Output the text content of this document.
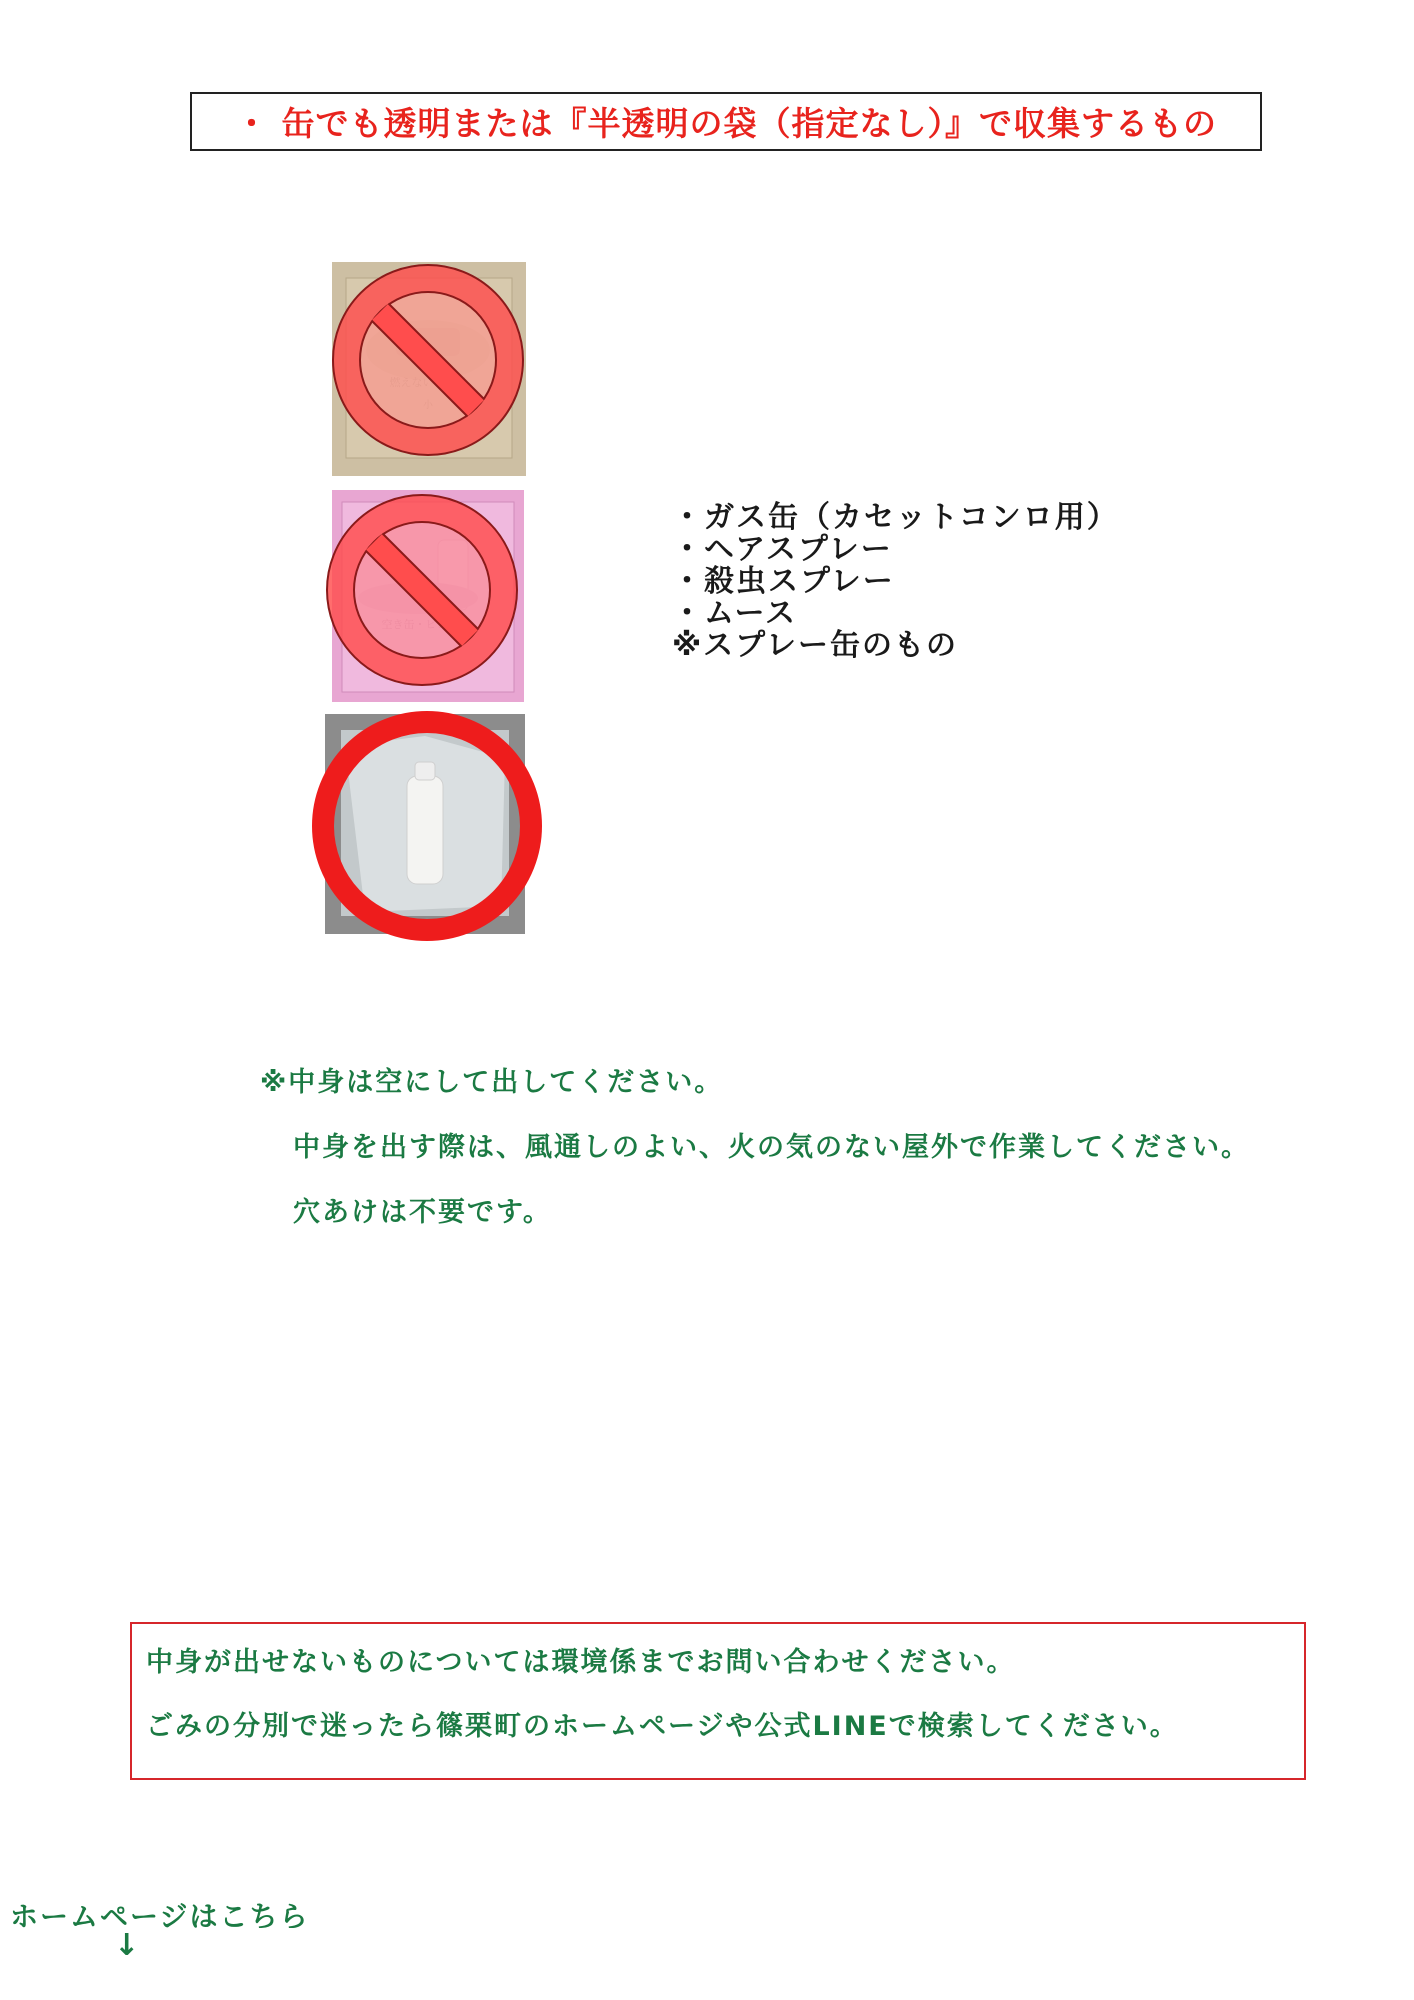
・ 缶でも透明または『半透明の袋（指定なし）』で収集するもの
・ガス缶（カセットコンロ用）
・ヘアスプレー
・殺虫スプレー
・ムース
※スプレー缶のもの
※中身は空にして出してください。
中身を出す際は、風通しのよい、火の気のない屋外で作業してください。
穴あけは不要です。
中身が出せないものについては環境係までお問い合わせください。
ごみの分別で迷ったら篠栗町のホームページや公式LINEで検索してください。
ホームページはこちら
↓
